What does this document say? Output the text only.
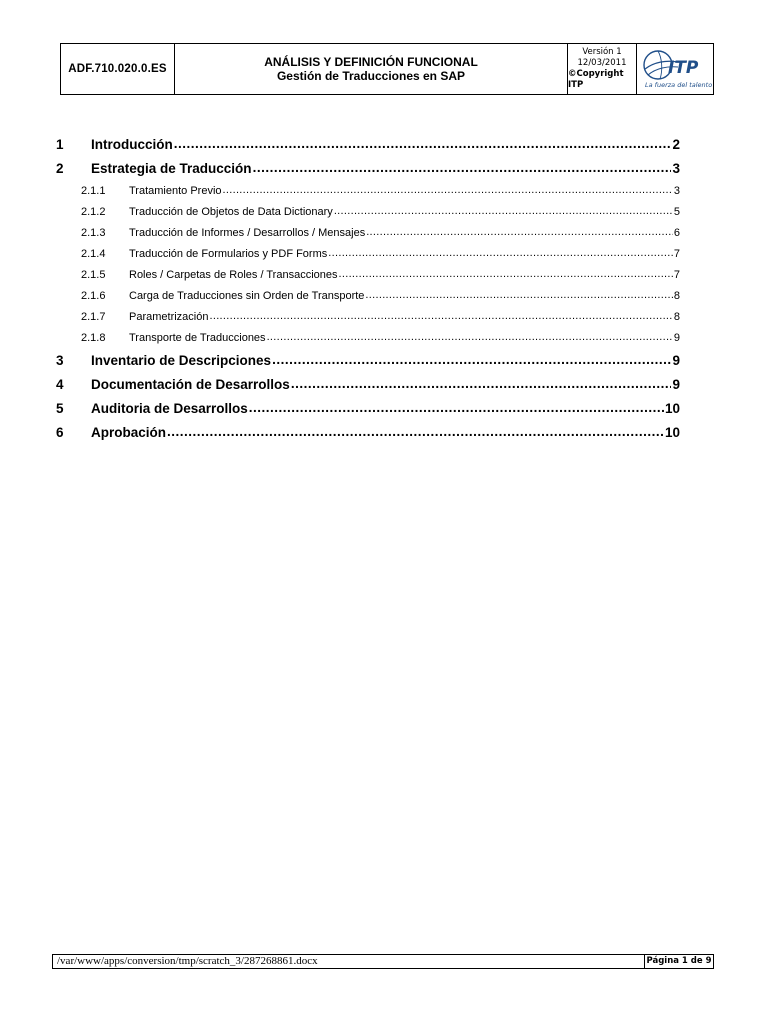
ADF.710.020.0.ES	ANÁLISIS Y DEFINICIÓN FUNCIONAL
Gestión de Traducciones en SAP
Versión 1
12/03/2011
©Copyright ITP
ITP
La fuerza del talento
1	Introducción .....	2
2	Estrategia de Traducción .....	3
2.1.1	Tratamiento Previo .....	3
2.1.2	Traducción de Objetos de Data Dictionary .....	5
2.1.3	Traducción de Informes / Desarrollos / Mensajes .....	6
2.1.4	Traducción de Formularios y PDF Forms .....	7
2.1.5	Roles / Carpetas de Roles / Transacciones .....	7
2.1.6	Carga de Traducciones sin Orden de Transporte .....	8
2.1.7	Parametrización .....	8
2.1.8	Transporte de Traducciones .....	9
3	Inventario de Descripciones .....	9
4	Documentación de Desarrollos .....	9
5	Auditoria de Desarrollos .....	10
6	Aprobación .....	10
/var/www/apps/conversion/tmp/scratch_3/287268861.docx	Página 1 de 9
